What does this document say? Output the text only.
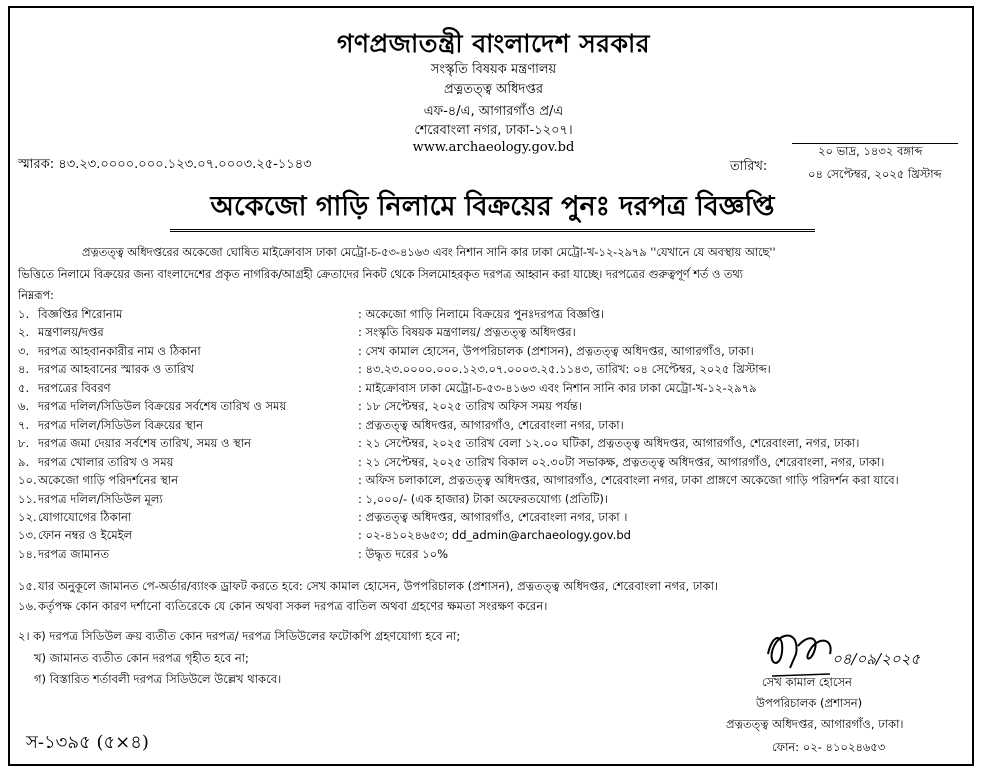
গণপ্রজাতন্ত্রী বাংলাদেশ সরকার
সংস্কৃতি বিষয়ক মন্ত্রণালয়
প্রত্নতত্ত্ব অধিদপ্তর
এফ-৪/এ, আগারগাঁও প্র/এ
শেরেবাংলা নগর, ঢাকা-১২০৭।
www.archaeology.gov.bd
স্মারক: ৪৩.২৩.০০০০.০০০.১২৩.০৭.০০০৩.২৫-১১৪৩	তারিখ:
২০ ভাদ্র, ১৪৩২ বঙ্গাব্দ
০৪ সেপ্টেম্বর, ২০২৫ খ্রিস্টাব্দ
অকেজো গাড়ি নিলামে বিক্রয়ের পুনঃ দরপত্র বিজ্ঞপ্তি
প্রত্নতত্ত্ব অধিদপ্তরের অকেজো ঘোষিত মাইক্রোবাস ঢাকা মেট্রো-চ-৫৩-৪১৬৩ এবং নিশান সানি কার ঢাকা মেট্রো-খ-১২-২৯৭৯ ''যেখানে যে অবস্থায় আছে''
ভিত্তিতে নিলামে বিক্রয়ের জন্য বাংলাদেশের প্রকৃত নাগরিক/আগ্রহী ক্রেতাদের নিকট থেকে সিলমোহরকৃত দরপত্র আহ্বান করা যাচ্ছে। দরপত্রের গুরুত্বপূর্ণ শর্ত ও তথ্য
নিম্নরূপ:
১. বিজ্ঞপ্তির শিরোনাম	: অকেজো গাড়ি নিলামে বিক্রয়ের পুনঃদরপত্র বিজ্ঞপ্তি।
২. মন্ত্রণালয়/দপ্তর	: সংস্কৃতি বিষয়ক মন্ত্রণালয়/ প্রত্নতত্ত্ব অধিদপ্তর।
৩. দরপত্র আহবানকারীর নাম ও ঠিকানা	: সেখ কামাল হোসেন, উপপরিচালক (প্রশাসন), প্রত্নতত্ত্ব অধিদপ্তর, আগারগাঁও, ঢাকা।
৪. দরপত্র আহবানের স্মারক ও তারিখ	: ৪৩.২৩.০০০০.০০০.১২৩.০৭.০০০৩.২৫.১১৪৩, তারিখ: ০৪ সেপ্টেম্বর, ২০২৫ খ্রিস্টাব্দ।
৫. দরপত্রের বিবরণ	: মাইক্রোবাস ঢাকা মেট্রো-চ-৫৩-৪১৬৩ এবং নিশান সানি কার ঢাকা মেট্রো-খ-১২-২৯৭৯
৬. দরপত্র দলিল/সিডিউল বিক্রয়ের সর্বশেষ তারিখ ও সময়	: ১৮ সেপ্টেম্বর, ২০২৫ তারিখ অফিস সময় পর্যন্ত।
৭. দরপত্র দলিল/সিডিউল বিক্রয়ের স্থান	: প্রত্নতত্ত্ব অধিদপ্তর, আগারগাঁও, শেরেবাংলা নগর, ঢাকা।
৮. দরপত্র জমা দেয়ার সর্বশেষ তারিখ, সময় ও স্থান	: ২১ সেপ্টেম্বর, ২০২৫ তারিখ বেলা ১২.০০ ঘটিকা, প্রত্নতত্ত্ব অধিদপ্তর, আগারগাঁও, শেরেবাংলা, নগর, ঢাকা।
৯. দরপত্র খোলার তারিখ ও সময়	: ২১ সেপ্টেম্বর, ২০২৫ তারিখ বিকাল ০২.৩০টা সভাকক্ষ, প্রত্নতত্ত্ব অধিদপ্তর, আগারগাঁও, শেরেবাংলা, নগর, ঢাকা।
১০. অকেজো গাড়ি পরিদর্শনের স্থান	: অফিস চলাকালে, প্রত্নতত্ত্ব অধিদপ্তর, আগারগাঁও, শেরেবাংলা নগর, ঢাকা প্রাঙ্গণে অকেজো গাড়ি পরিদর্শন করা যাবে।
১১. দরপত্র দলিল/সিডিউল মূল্য	: ১,০০০/- (এক হাজার) টাকা অফেরতযোগ্য (প্রতিটি)।
১২. যোগাযোগের ঠিকানা	: প্রত্নতত্ত্ব অধিদপ্তর, আগারগাঁও, শেরেবাংলা নগর, ঢাকা ।
১৩. ফোন নম্বর ও ইমেইল	: ০২-৪১০২৪৬৫৩; dd_admin@archaeology.gov.bd
১৪. দরপত্র জামানত	: উদ্ধৃত দরের ১০%
১৫. যার অনুকূলে জামানত পে-অর্ডার/ব্যাংক ড্রাফট করতে হবে: সেখ কামাল হোসেন, উপপরিচালক (প্রশাসন), প্রত্নতত্ত্ব অধিদপ্তর, শেরেবাংলা নগর, ঢাকা।
১৬. কর্তৃপক্ষ কোন কারণ দর্শানো ব্যতিরেকে যে কোন অথবা সকল দরপত্র বাতিল অথবা গ্রহণের ক্ষমতা সংরক্ষণ করেন।
২। ক) দরপত্র সিডিউল ক্রয় ব্যতীত কোন দরপত্র/ দরপত্র সিডিউলের ফটোকপি গ্রহণযোগ্য হবে না;
খ) জামানত ব্যতীত কোন দরপত্র গৃহীত হবে না;
গ) বিস্তারিত শর্তাবলী দরপত্র সিডিউলে উল্লেখ থাকবে।
০৪/০৯/২০২৫
সেখ কামাল হোসেন
উপপরিচালক (প্রশাসন)
প্রত্নতত্ত্ব অধিদপ্তর, আগারগাঁও, ঢাকা।
ফোন: ০২- ৪১০২৪৬৫৩
স-১৩৯৫ (৫×৪)
